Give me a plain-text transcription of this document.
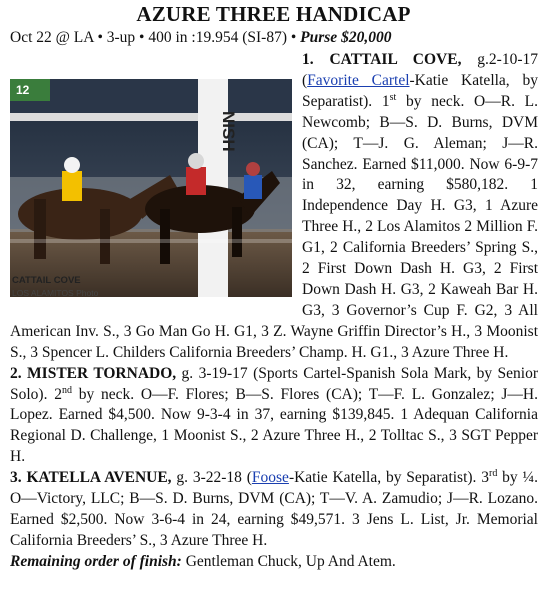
AZURE THREE HANDICAP
Oct 22 @ LA • 3-up • 400 in :19.954 (SI-87) • Purse $20,000
12
NISH
CATTAIL COVE
LOS ALAMITOS Photo

1. CATTAIL COVE, g.2-10-17 (Favorite Cartel-Katie Katella, by Separatist). 1st by neck. O—R. L. Newcomb; B—S. D. Burns, DVM (CA); T—J. G. Aleman; J—R. Sanchez. Earned $11,000. Now 6-9-7 in 32, earning $580,182. 1 Independence Day H. G3, 1 Azure Three H., 2 Los Alamitos 2 Million F. G1, 2 California Breeders’ Spring S., 2 First Down Dash H. G3, 2 First Down Dash H. G3, 2 Kaweah Bar H. G3, 3 Governor’s Cup F. G2, 3 All American Inv. S., 3 Go Man Go H. G1, 3 Z. Wayne Griffin Director’s H., 3 Moonist S., 3 Spencer L. Childers California Breeders’ Champ. H. G1., 3 Azure Three H.

2. MISTER TORNADO, g. 3-19-17 (Sports Cartel-Spanish Sola Mark, by Senior Solo). 2nd by neck. O—F. Flores; B—S. Flores (CA); T—F. L. Gonzalez; J—H. Lopez. Earned $4,500. Now 9-3-4 in 37, earning $139,845. 1 Adequan California Regional D. Challenge, 1 Moonist S., 2 Azure Three H., 2 Tolltac S., 3 SGT Pepper H.

3. KATELLA AVENUE, g. 3-22-18 (Foose-Katie Katella, by Separatist). 3rd by ¼. O—Victory, LLC; B—S. D. Burns, DVM (CA); T—V. A. Zamudio; J—R. Lozano. Earned $2,500. Now 3-6-4 in 24, earning $49,571. 3 Jens L. List, Jr. Memorial California Breeders’ S., 3 Azure Three H.

Remaining order of finish: Gentleman Chuck, Up And Atem.
